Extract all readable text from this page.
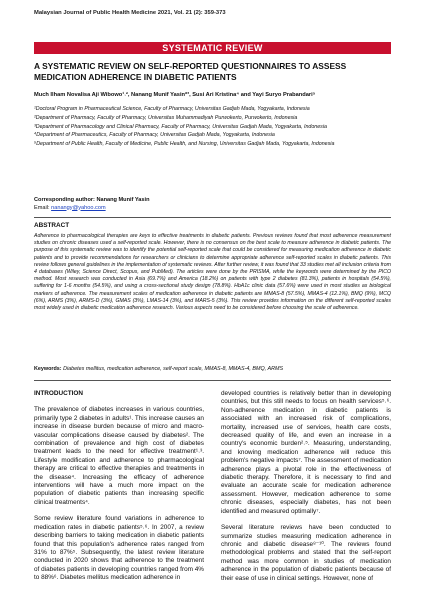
Malaysian Journal of Public Health Medicine 2021, Vol. 21 (2): 359-373
SYSTEMATIC REVIEW
A SYSTEMATIC REVIEW ON SELF-REPORTED QUESTIONNAIRES TO ASSESS MEDICATION ADHERENCE IN DIABETIC PATIENTS
Much Ilham Novalisa Aji Wibowo¹˒², Nanang Munif Yasin*³, Susi Ari Kristina⁴ and Yayi Suryo Prabandari⁵
¹Doctoral Program in Pharmaceutical Science, Faculty of Pharmacy, Universitas Gadjah Mada, Yogyakarta, Indonesia
²Department of Pharmacy, Faculty of Pharmacy, Universitas Muhammadiyah Purwokerto, Purwokerto, Indonesia
³Department of Pharmacology and Clinical Pharmacy, Faculty of Pharmacy, Universitas Gadjah Mada, Yogyakarta, Indonesia
⁴Department of Pharmaceutics, Faculty of Pharmacy, Universitas Gadjah Mada, Yogyakarta, Indonesia
⁵Department of Public Health, Faculty of Medicine, Public Health, and Nursing, Universitas Gadjah Mada, Yogyakarta, Indonesia
Corresponding author: Nanang Munif Yasin
Email: nanangy@yahoo.com
ABSTRACT
Adherence to pharmacological therapies are keys to effective treatments in diabetic patients. Previous reviews found that most adherence measurement studies on chronic diseases used a self-reported scale. However, there is no consensus on the best scale to measure adherence in diabetic patients. The purpose of this systematic review was to identify the potential self-reported scale that could be considered for measuring medication adherence in diabetic patients and to provide recommendations for researchers or clinicians to determine appropriate adherence self-reported scales in diabetic patients. This review follows general guidelines in the implementation of systematic reviews. After further review, it was found that 33 studies met all inclusion criteria from 4 databases (Wiley, Science Direct, Scopus, and PubMed). The articles were done by the PRISMA, while the keywords were determined by the PICO method. Most research was conducted in Asia (69.7%) and America (18.2%) on patients with type 2 diabetes (81.3%), patients in hospitals (54.5%), suffering for 1-6 months (54.5%), and using a cross-sectional study design (78.8%). HbA1c clinic data (57.6%) were used in most studies as biological markers of adherence. The measurement scales of medication adherence in diabetic patients are MMAS-8 (57.5%), MMAS-4 (12.1%), BMQ (9%), MCQ (6%), ARMS (3%), ARMS-D (3%), GMAS (3%), LMAS-14 (3%), and MARS-5 (3%). This review provides information on the different self-reported scales most widely used in diabetic medication adherence research. Various aspects need to be considered before choosing the scale of adherence.
Keywords: Diabetes mellitus, medication adherence, self-report scale, MMAS-8, MMAS-4, BMQ, ARMS
INTRODUCTION

The prevalence of diabetes increases in various countries, primarily type 2 diabetes in adults¹. This increase causes an increase in disease burden because of micro and macro-vascular complications disease caused by diabetes². The combination of prevalence and high cost of diabetes treatment leads to the need for effective treatment¹˒³. Lifestyle modification and adherence to pharmacological therapy are critical to effective therapies and treatments in the disease⁴. Increasing the efficacy of adherence interventions will have a much more impact on the population of diabetic patients than increasing specific clinical treatments⁴.

Some review literature found variations in adherence to medication rates in diabetic patients⁵˒⁶. In 2007, a review describing barriers to taking medication in diabetic patients found that this population's adherence rates ranged from 31% to 87%⁵. Subsequently, the latest review literature conducted in 2020 shows that adherence to the treatment of diabetes patients in developing countries ranged from 4% to 88%⁶. Diabetes mellitus medication adherence in

developed countries is relatively better than in developing countries, but this still needs to focus on health services⁵˒⁶. Non-adherence medication in diabetic patients is associated with an increased risk of complications, mortality, increased use of services, health care costs, decreased quality of life, and even an increase in a country's economic burden²˒⁵. Measuring, understanding, and knowing medication adherence will reduce this problem's negative impacts⁷. The assessment of medication adherence plays a pivotal role in the effectiveness of diabetic therapy. Therefore, it is necessary to find and evaluate an accurate scale for medication adherence assessment. However, medication adherence to some chronic diseases, especially diabetes, has not been identified and measured optimally⁷.

Several literature reviews have been conducted to summarize studies measuring medication adherence in chronic and diabetic disease⁸⁻¹⁰. The reviews found methodological problems and stated that the self-report method was more common in studies of medication adherence in the population of diabetic patients because of their ease of use in clinical settings. However, none of
